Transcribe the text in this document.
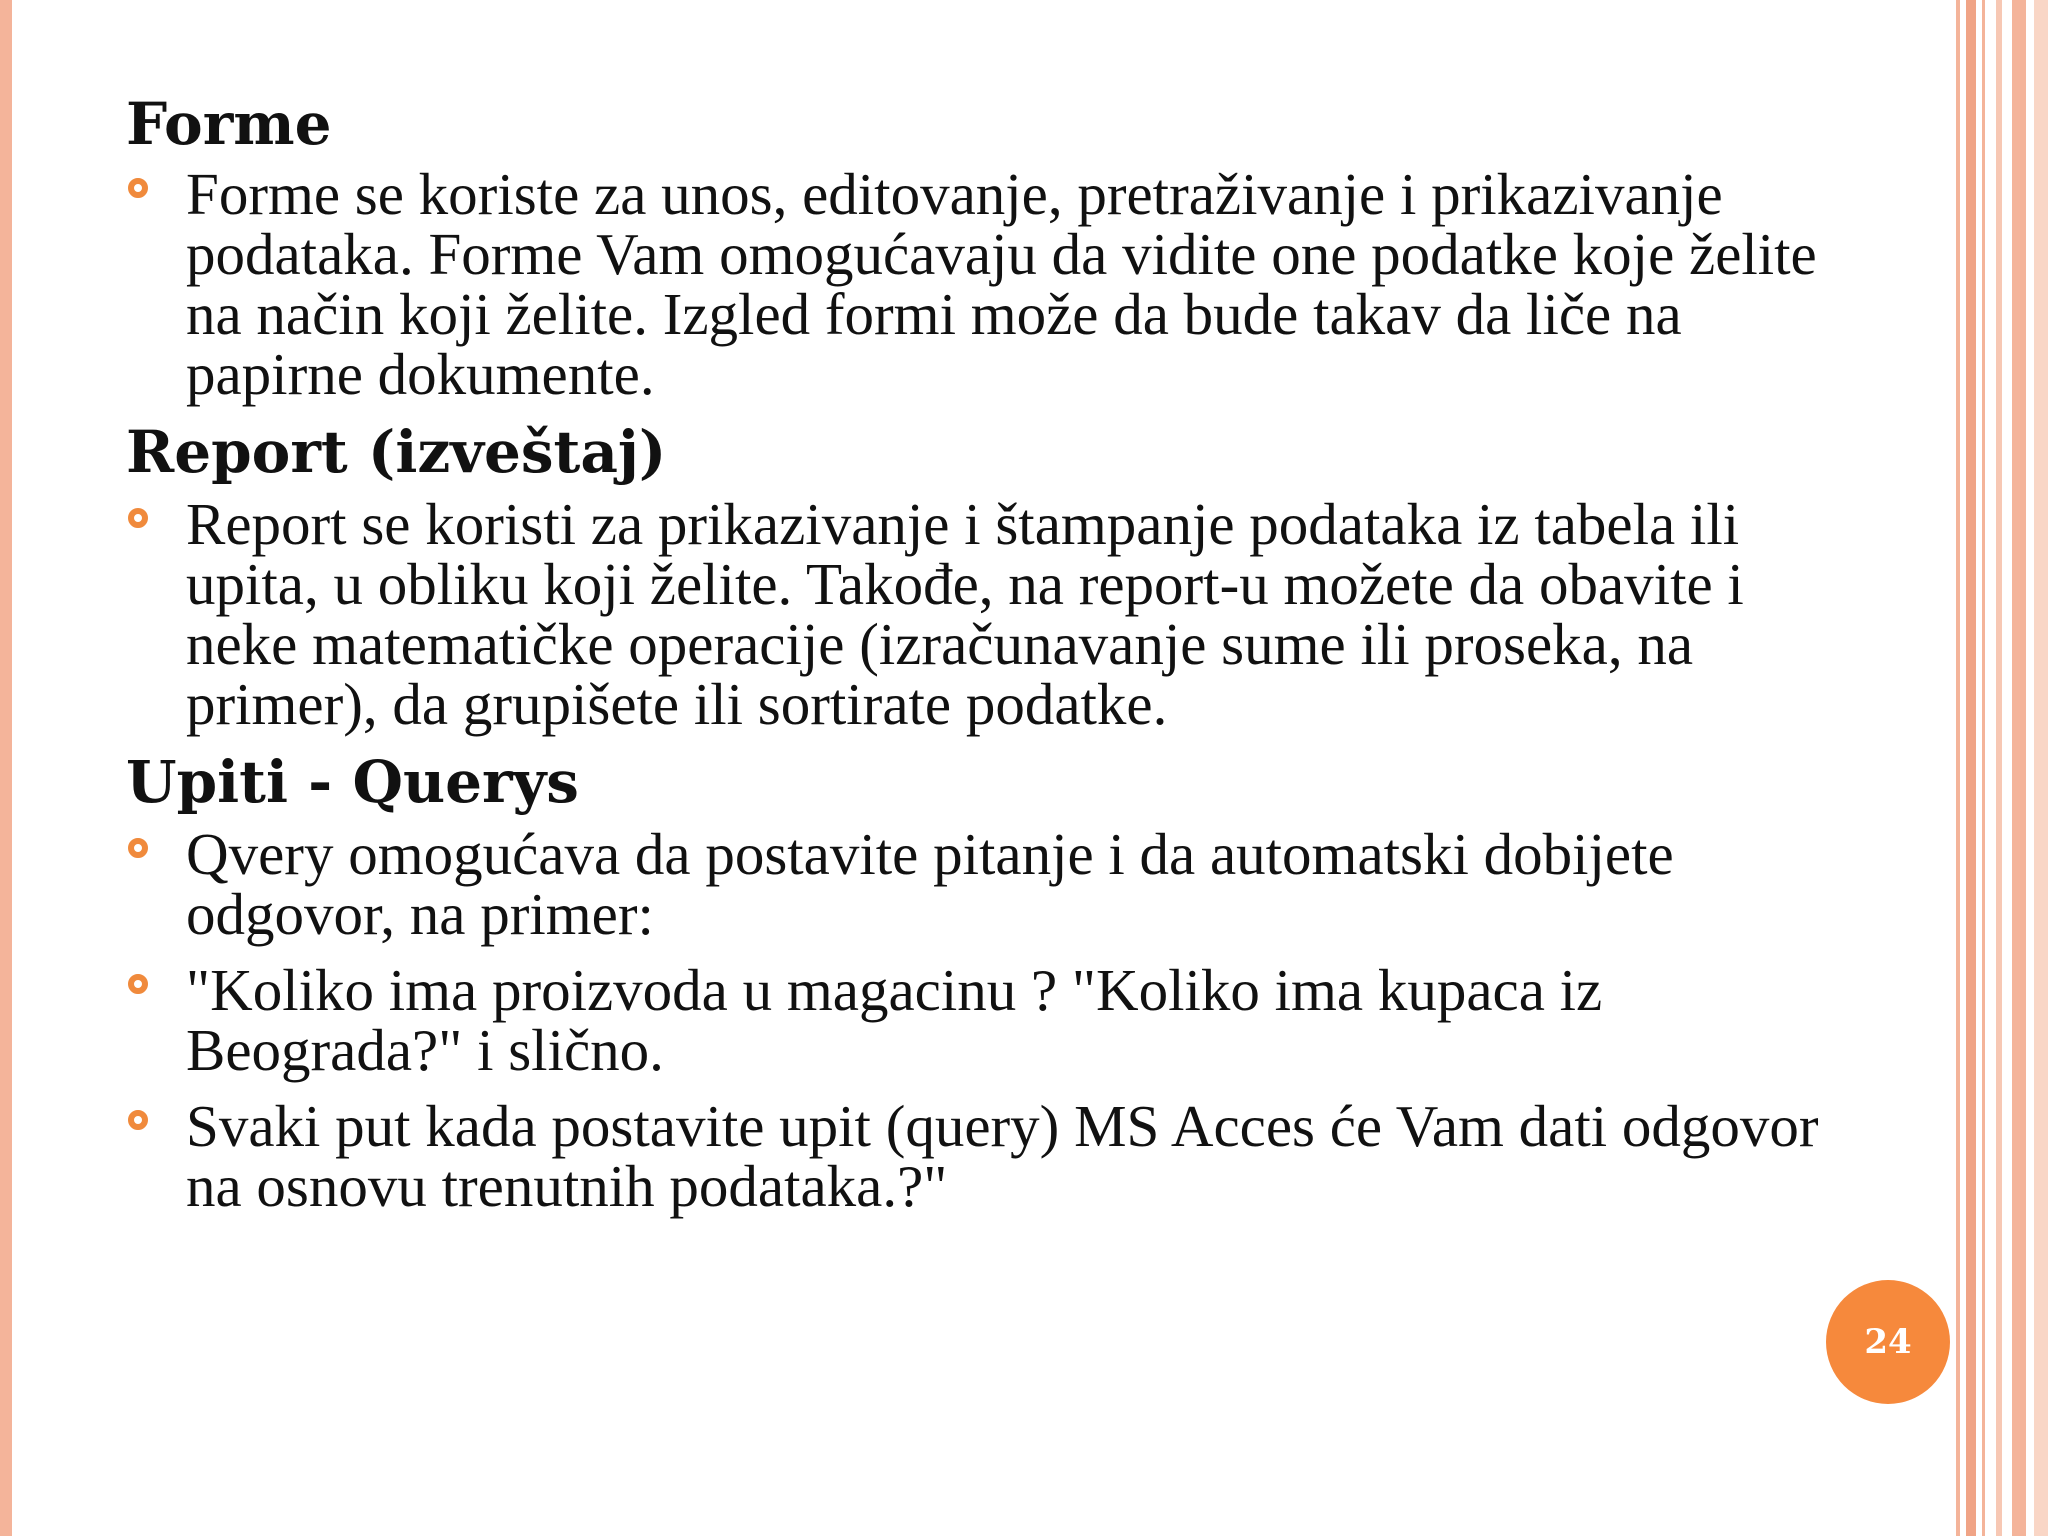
Forme
Forme se koriste za unos, editovanje, pretraživanje i prikazivanje podataka. Forme Vam omogućavaju da vidite one podatke koje želite na način koji želite. Izgled formi može da bude takav da liče na papirne dokumente.
Report (izveštaj)
Report se koristi za prikazivanje i štampanje podataka iz tabela ili upita, u obliku koji želite. Takođe, na report-u možete da obavite i neke matematičke operacije (izračunavanje sume ili proseka, na primer), da grupišete ili sortirate podatke.
Upiti - Querys
Qvery omogućava da postavite pitanje i da automatski dobijete odgovor, na primer:
"Koliko ima proizvoda u magacinu ? "Koliko ima kupaca iz Beograda?" i slično.
Svaki put kada postavite upit (query) MS Acces će Vam dati odgovor na osnovu trenutnih podataka.?"
24
